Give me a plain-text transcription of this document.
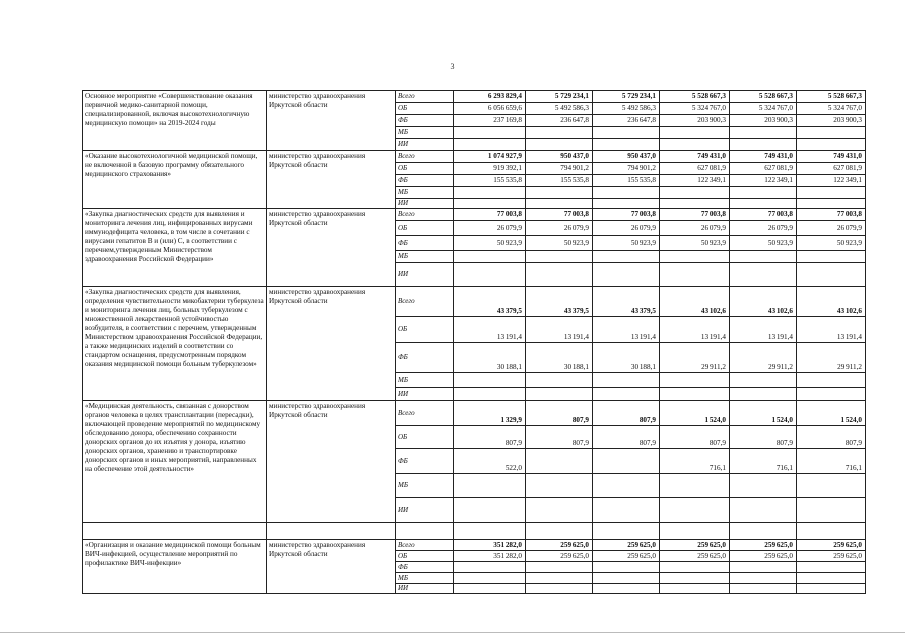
3
Основное мероприятие «Совершенствование оказания первичной медико-санитарной помощи, специализированной, включая высокотехнологичную медицинскую помощи» на 2019-2024 годы	министерство здравоохранения Иркутской области	Всего	6 293 829,4	5 729 234,1	5 729 234,1	5 528 667,3	5 528 667,3	5 528 667,3
		ОБ	6 056 659,6	5 492 586,3	5 492 586,3	5 324 767,0	5 324 767,0	5 324 767,0
		ФБ	237 169,8	236 647,8	236 647,8	203 900,3	203 900,3	203 900,3
		МБ						
		ИИ						
«Оказание высокотехнологичной медицинской помощи, не включенной в базовую программу обязательного медицинского страхования»	министерство здравоохранения Иркутской области	Всего	1 074 927,9	950 437,0	950 437,0	749 431,0	749 431,0	749 431,0
		ОБ	919 392,1	794 901,2	794 901,2	627 081,9	627 081,9	627 081,9
		ФБ	155 535,8	155 535,8	155 535,8	122 349,1	122 349,1	122 349,1
		МБ						
		ИИ						
«Закупка диагностических средств для выявления и мониторинга лечения лиц, инфицированных вирусами иммунодефицита человека, в том числе в сочетании с вирусами гепатитов В и (или) С, в соответствии с перечнем,утвержденным Министерством здравоохранения Российской Федерации»	министерство здравоохранения Иркутской области	Всего	77 003,8	77 003,8	77 003,8	77 003,8	77 003,8	77 003,8
		ОБ	26 079,9	26 079,9	26 079,9	26 079,9	26 079,9	26 079,9
		ФБ	50 923,9	50 923,9	50 923,9	50 923,9	50 923,9	50 923,9
		МБ						
		ИИ						
«Закупка диагностических средств для выявления, определения чувствительности микобактерии туберкулеза и мониторинга лечения лиц, больных туберкулезом с множественной лекарственной устойчивостью возбудителя, в соответствии с перечнем, утвержденным Министерством здравоохранения Российской Федерации, а также медицинских изделий в соответствии со стандартом оснащения, предусмотренным порядком оказания медицинской помощи больным туберкулезом»	министерство здравоохранения Иркутской области	Всего	43 379,5	43 379,5	43 379,5	43 102,6	43 102,6	43 102,6
		ОБ	13 191,4	13 191,4	13 191,4	13 191,4	13 191,4	13 191,4
		ФБ	30 188,1	30 188,1	30 188,1	29 911,2	29 911,2	29 911,2
		МБ						
		ИИ						
«Медицинская деятельность, связанная с донорством органов человека в целях трансплантации (пересадки), включающей проведение мероприятий по медицинскому обследованию донора, обеспечению сохранности донорских органов до их изъятия у донора, изъятию донорских органов, хранению и транспортировке донорских органов и иных мероприятий, направленных на обеспечение этой деятельности»	министерство здравоохранения Иркутской области	Всего	1 329,9	807,9	807,9	1 524,0	1 524,0	1 524,0
		ОБ	807,9	807,9	807,9	807,9	807,9	807,9
		ФБ	522,0			716,1	716,1	716,1
		МБ						
		ИИ						

«Организация и оказание медицинской помощи больным ВИЧ-инфекцией, осуществление мероприятий по профилактике ВИЧ-инфекции»	министерство здравоохранения Иркутской области	Всего	351 282,0	259 625,0	259 625,0	259 625,0	259 625,0	259 625,0
		ОБ	351 282,0	259 625,0	259 625,0	259 625,0	259 625,0	259 625,0
		ФБ						
		МБ						
		ИИ						
